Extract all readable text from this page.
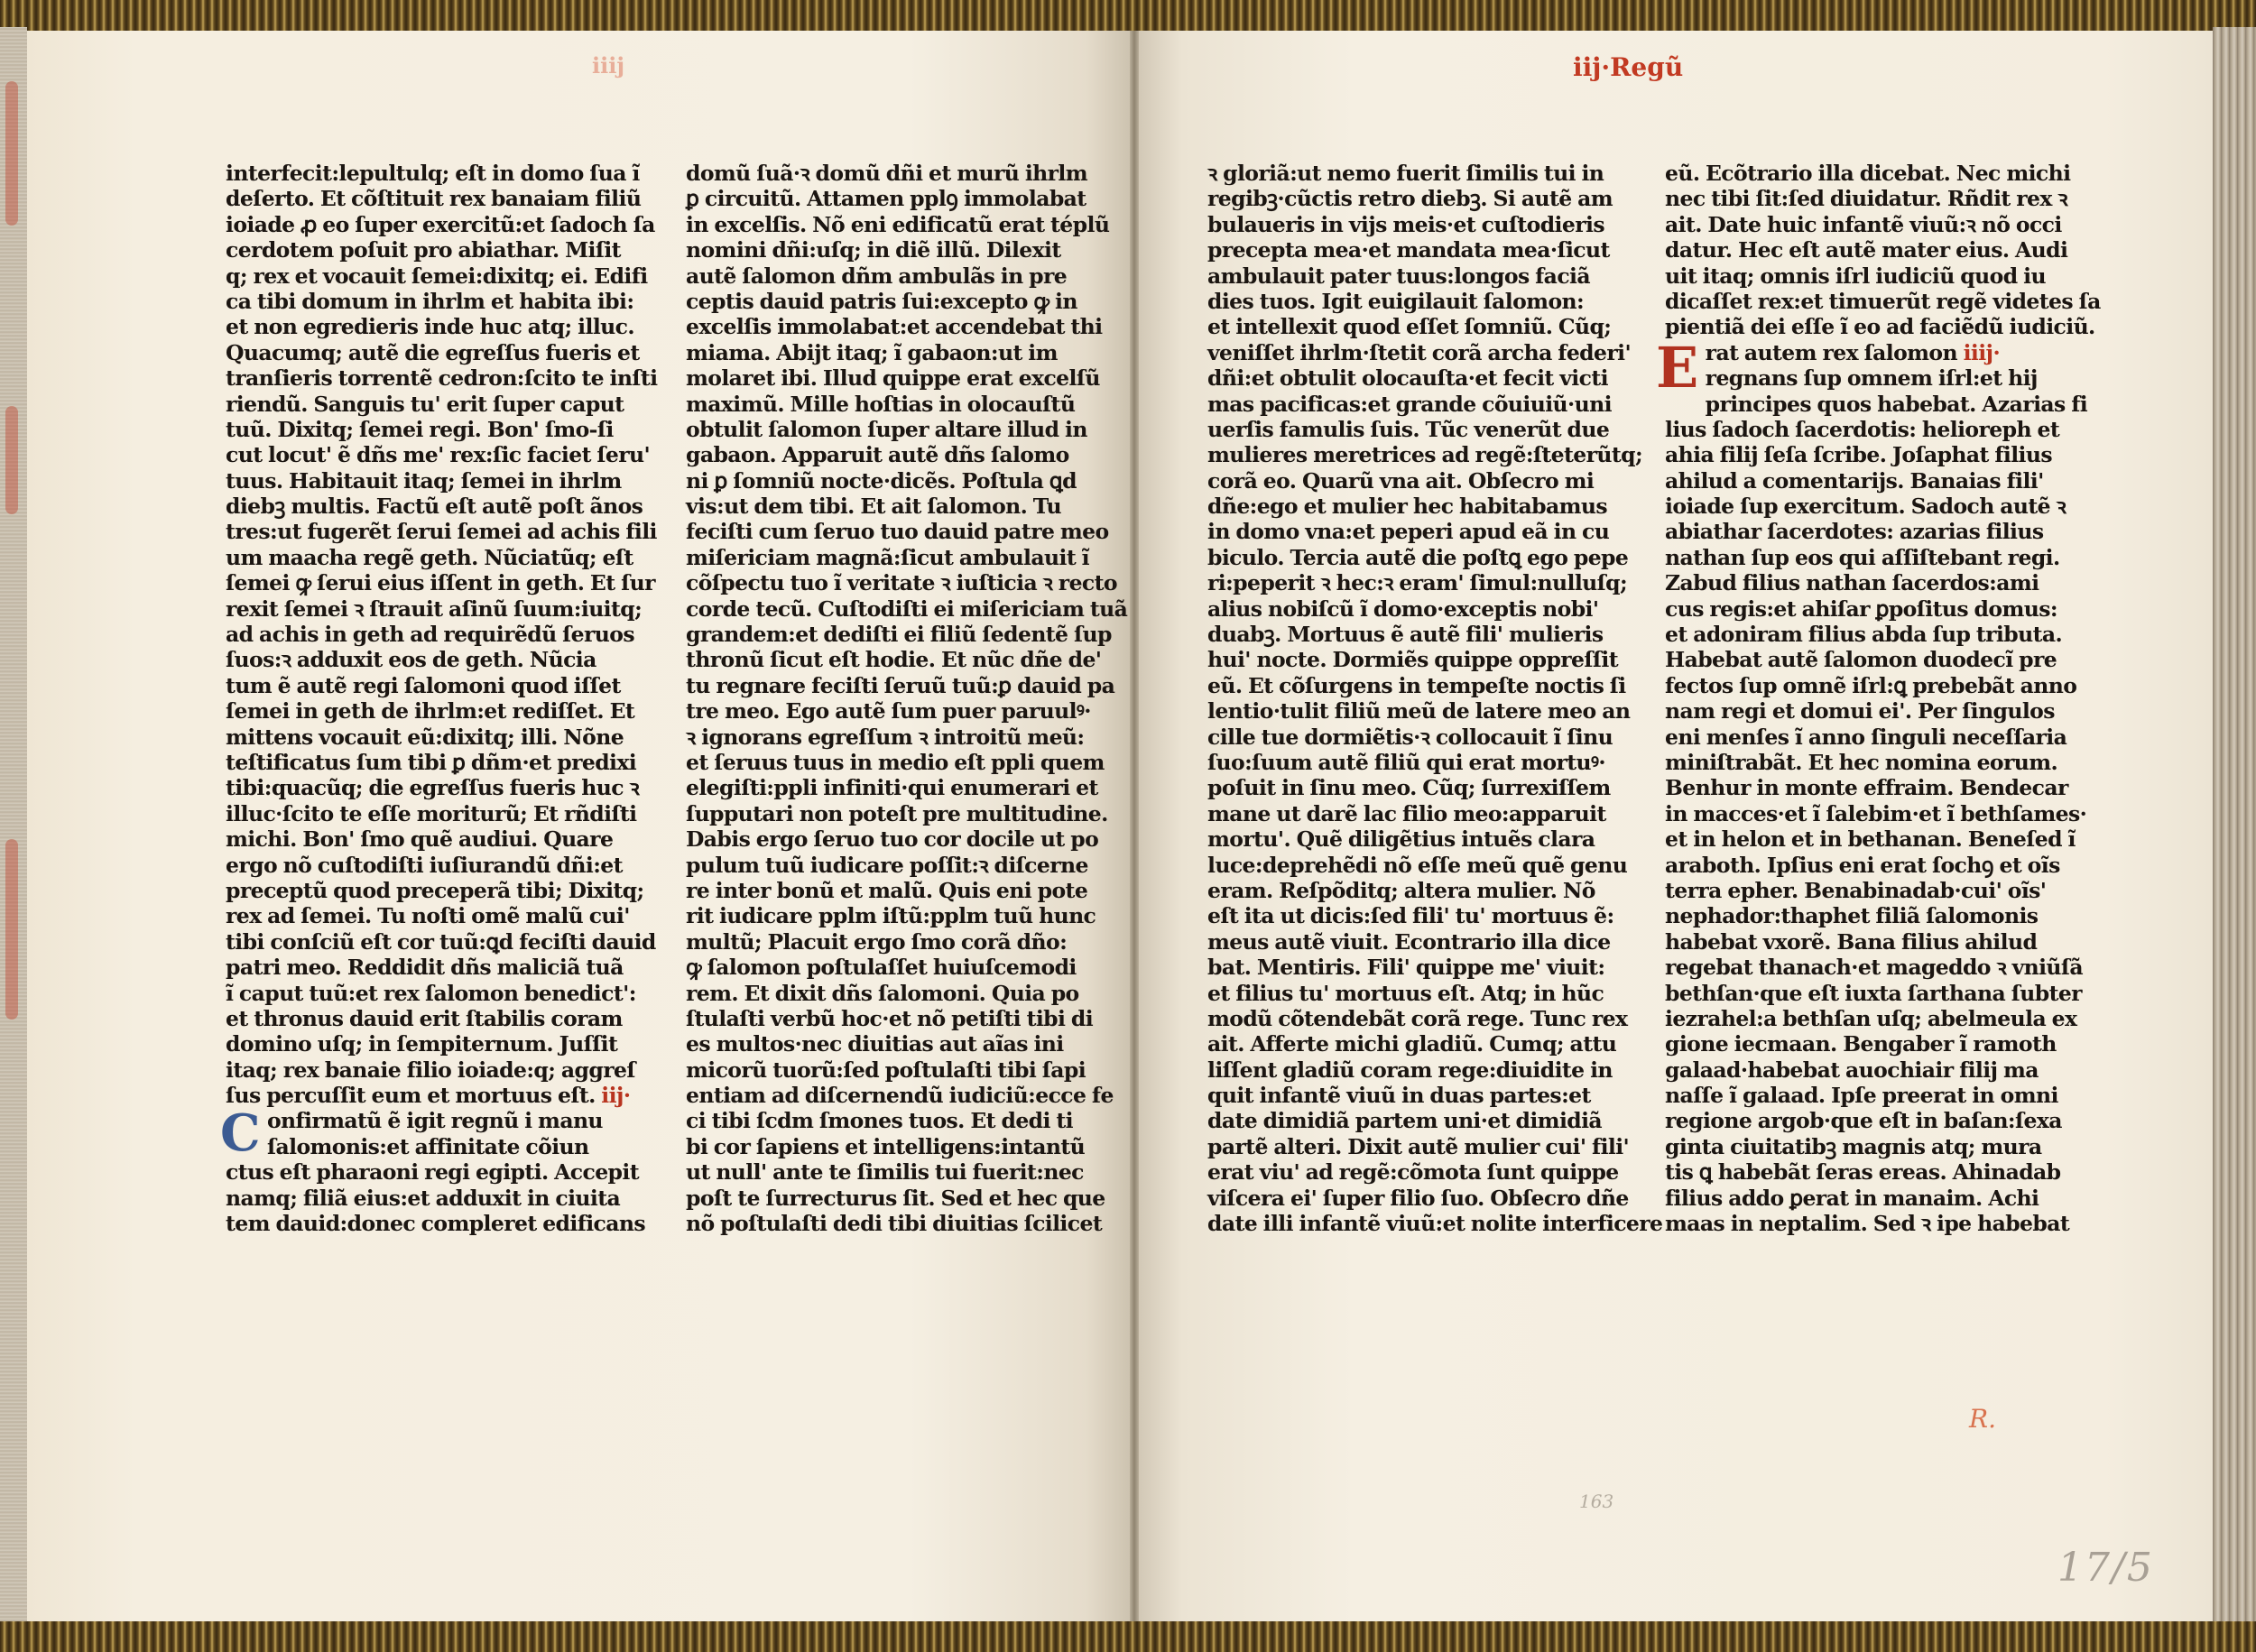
iiij	iij·Regũ
interfecit:lepultulq; eſt in domo ſua ĩ
deſerto. Et cõſtituit rex banaiam filiũ
ioiade ꝓ eo ſuper exercitũ:et ſadoch ſa
cerdotem poſuit pro abiathar. Miſit
q; rex et vocauit ſemei:dixitq; ei. Edifi
ca tibi domum in ihrlm et habita ibi:
et non egredieris inde huc atq; illuc.
Quacumq; autẽ die egreſſus fueris et
tranſieris torrentẽ cedron:ſcito te inſti
riendũ. Sanguis tu' erit ſuper caput
tuũ. Dixitq; ſemei regi. Bon' ſmo-ſi
cut locut' ẽ dñs me' rex:ſic faciet ſeru'
tuus. Habitauit itaq; ſemei in ihrlm
diebꝫ multis. Factũ eſt autẽ poſt ãnos
tres:ut fugerẽt ſerui ſemei ad achis fili
um maacha regẽ geth. Nũciatũq; eſt
ſemei ꝙ ſerui eius iſſent in geth. Et ſur
rexit ſemei ꝛ ſtrauit aſinũ ſuum:iuitq;
ad achis in geth ad requirẽdũ ſeruos
ſuos:ꝛ adduxit eos de geth. Nũcia
tum ẽ autẽ regi ſalomoni quod iſſet
ſemei in geth de ihrlm:et rediſſet. Et
mittens vocauit eũ:dixitq; illi. Nõne
teſtificatus ſum tibi ꝑ dñm·et predixi
tibi:quacũq; die egreſſus fueris huc ꝛ
illuc·ſcito te eſſe moriturũ; Et rñdiſti
michi. Bon' ſmo quẽ audiui. Quare
ergo nõ cuſtodiſti iuſiurandũ dñi:et
preceptũ quod preceperã tibi; Dixitq;
rex ad ſemei. Tu noſti omẽ malũ cui'
tibi conſciũ eſt cor tuũ:ꝗd feciſti dauid
patri meo. Reddidit dñs maliciã tuã
ĩ caput tuũ:et rex ſalomon benedict':
et thronus dauid erit ſtabilis coram
domino uſq; in ſempiternum. Juſſit
itaq; rex banaie filio ioiade:q; aggreſ
ſus percuſſit eum et mortuus eſt. iij·
C onfirmatũ ẽ igit regnũ i manu
ſalomonis:et affinitate cõiun
ctus eſt pharaoni regi egipti. Accepit
namq; filiã eius:et adduxit in ciuita
tem dauid:donec compleret edificans
domũ ſuã·ꝛ domũ dñi et murũ ihrlm
ꝑ circuitũ. Attamen pplꝯ immolabat
in excelſis. Nõ eni edificatũ erat téplũ
nomini dñi:uſq; in diẽ illũ. Dilexit
autẽ ſalomon dñm ambulãs in pre
ceptis dauid patris ſui:excepto ꝙ in
excelſis immolabat:et accendebat thi
miama. Abijt itaq; ĩ gabaon:ut im
molaret ibi. Illud quippe erat excelſũ
maximũ. Mille hoſtias in olocauſtũ
obtulit ſalomon ſuper altare illud in
gabaon. Apparuit autẽ dñs ſalomo
ni ꝑ ſomniũ nocte·dicẽs. Poſtula ꝗd
vis:ut dem tibi. Et ait ſalomon. Tu
feciſti cum ſeruo tuo dauid patre meo
miſericiam magnã:ſicut ambulauit ĩ
cõſpectu tuo ĩ veritate ꝛ iuſticia ꝛ recto
corde tecũ. Cuſtodiſti ei miſericiam tuã
grandem:et dediſti ei filiũ ſedentẽ ſup
thronũ ſicut eſt hodie. Et nũc dñe de'
tu regnare feciſti ſeruũ tuũ:ꝑ dauid pa
tre meo. Ego autẽ ſum puer paruulꝰ·
ꝛ ignorans egreſſum ꝛ introitũ meũ:
et ſeruus tuus in medio eſt ppli quem
elegiſti:ppli infiniti·qui enumerari et
ſupputari non poteſt pre multitudine.
Dabis ergo ſeruo tuo cor docile ut po
pulum tuũ iudicare poſſit:ꝛ diſcerne
re inter bonũ et malũ. Quis eni pote
rit iudicare pplm iſtũ:pplm tuũ hunc
multũ; Placuit ergo ſmo corã dño:
ꝙ ſalomon poſtulaſſet huiuſcemodi
rem. Et dixit dñs ſalomoni. Quia po
ſtulaſti verbũ hoc·et nõ petiſti tibi di
es multos·nec diuitias aut aĩas ini
micorũ tuorũ:ſed poſtulaſti tibi ſapi
entiam ad diſcernendũ iudiciũ:ecce fe
ci tibi ſcdm ſmones tuos. Et dedi ti
bi cor ſapiens et intelligens:intantũ
ut null' ante te ſimilis tui fuerit:nec
poſt te ſurrecturus ſit. Sed et hec que
nõ poſtulaſti dedi tibi diuitias ſcilicet
ꝛ gloriã:ut nemo fuerit ſimilis tui in
regibꝫ·cũctis retro diebꝫ. Si autẽ am
bulaueris in vijs meis·et cuſtodieris
precepta mea·et mandata mea·ſicut
ambulauit pater tuus:longos faciã
dies tuos. Igit euigilauit ſalomon:
et intellexit quod eſſet ſomniũ. Cũq;
veniſſet ihrlm·ſtetit corã archa federi'
dñi:et obtulit olocauſta·et fecit victi
mas pacificas:et grande cõuiuiũ·uni
uerſis famulis ſuis. Tũc venerũt due
mulieres meretrices ad regẽ:ſteterũtq;
corã eo. Quarũ vna ait. Obſecro mi
dñe:ego et mulier hec habitabamus
in domo vna:et peperi apud eã in cu
biculo. Tercia autẽ die poſtꝗ ego pepe
ri:peperit ꝛ hec:ꝛ eram' ſimul:nulluſq;
alius nobiſcũ ĩ domo·exceptis nobi'
duabꝫ. Mortuus ẽ autẽ fili' mulieris
hui' nocte. Dormiẽs quippe oppreſſit
eũ. Et cõſurgens in tempeſte noctis ſi
lentio·tulit filiũ meũ de latere meo an
cille tue dormiẽtis·ꝛ collocauit ĩ ſinu
ſuo:ſuum autẽ filiũ qui erat mortuꝰ·
poſuit in ſinu meo. Cũq; ſurrexiſſem
mane ut darẽ lac filio meo:apparuit
mortu'. Quẽ diligẽtius intuẽs clara
luce:deprehẽdi nõ eſſe meũ quẽ genu
eram. Reſpõditq; altera mulier. Nõ
eſt ita ut dicis:ſed fili' tu' mortuus ẽ:
meus autẽ viuit. Econtrario illa dice
bat. Mentiris. Fili' quippe me' viuit:
et filius tu' mortuus eſt. Atq; in hũc
modũ cõtendebãt corã rege. Tunc rex
ait. Afferte michi gladiũ. Cumq; attu
liſſent gladiũ coram rege:diuidite in
quit infantẽ viuũ in duas partes:et
date dimidiã partem uni·et dimidiã
partẽ alteri. Dixit autẽ mulier cui' fili'
erat viu' ad regẽ:cõmota ſunt quippe
viſcera ei' ſuper filio ſuo. Obſecro dñe
date illi infantẽ viuũ:et nolite interficere
eũ. Ecõtrario illa dicebat. Nec michi
nec tibi ſit:ſed diuidatur. Rñdit rex ꝛ
ait. Date huic infantẽ viuũ:ꝛ nõ occi
datur. Hec eſt autẽ mater eius. Audi
uit itaq; omnis iſrl iudiciũ quod iu
dicaſſet rex:et timuerũt regẽ videtes ſa
pientiã dei eſſe ĩ eo ad faciẽdũ iudiciũ.
E rat autem rex ſalomon iiij·
regnans ſup omnem iſrl:et hij
principes quos habebat. Azarias fi
lius ſadoch ſacerdotis: helioreph et
ahia filij ſeſa ſcribe. Joſaphat filius
ahilud a comentarijs. Banaias fili'
ioiade ſup exercitum. Sadoch autẽ ꝛ
abiathar ſacerdotes: azarias filius
nathan ſup eos qui aſſiſtebant regi.
Zabud filius nathan ſacerdos:ami
cus regis:et ahiſar ꝑpoſitus domus:
et adoniram filius abda ſup tributa.
Habebat autẽ ſalomon duodecĩ pre
fectos ſup omnẽ iſrl:ꝗ prebebãt anno
nam regi et domui ei'. Per ſingulos
eni menſes ĩ anno ſinguli neceſſaria
miniſtrabãt. Et hec nomina eorum.
Benhur in monte effraim. Bendecar
in macces·et ĩ ſalebim·et ĩ bethſames·
et in helon et in bethanan. Beneſed ĩ
araboth. Ipſius eni erat ſochꝯ et oĩs
terra epher. Benabinadab·cui' oĩs'
nephador:thaphet filiã ſalomonis
habebat vxorẽ. Bana filius ahilud
regebat thanach·et mageddo ꝛ vniũſã
bethſan·que eſt iuxta ſarthana ſubter
iezrahel:a bethſan uſq; abelmeula ex
gione iecmaan. Bengaber ĩ ramoth
galaad·habebat auochiair filij ma
naſſe ĩ galaad. Ipſe preerat in omni
regione argob·que eſt in baſan:ſexa
ginta ciuitatibꝫ magnis atq; mura
tis ꝗ habebãt ſeras ereas. Ahinadab
filius addo ꝑerat in manaim. Achi
maas in neptalim. Sed ꝛ ipe habebat
R.
163
17/5
